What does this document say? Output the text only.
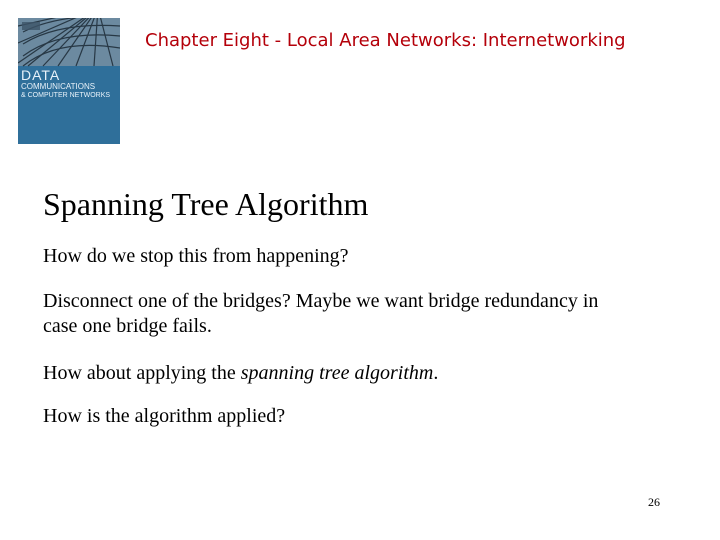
DATA
COMMUNICATIONS
& COMPUTER NETWORKS
Chapter Eight - Local Area Networks: Internetworking
Spanning Tree Algorithm

How do we stop this from happening?

Disconnect one of the bridges? Maybe we want bridge redundancy in case one bridge fails.

How about applying the spanning tree algorithm.

How is the algorithm applied?

26
